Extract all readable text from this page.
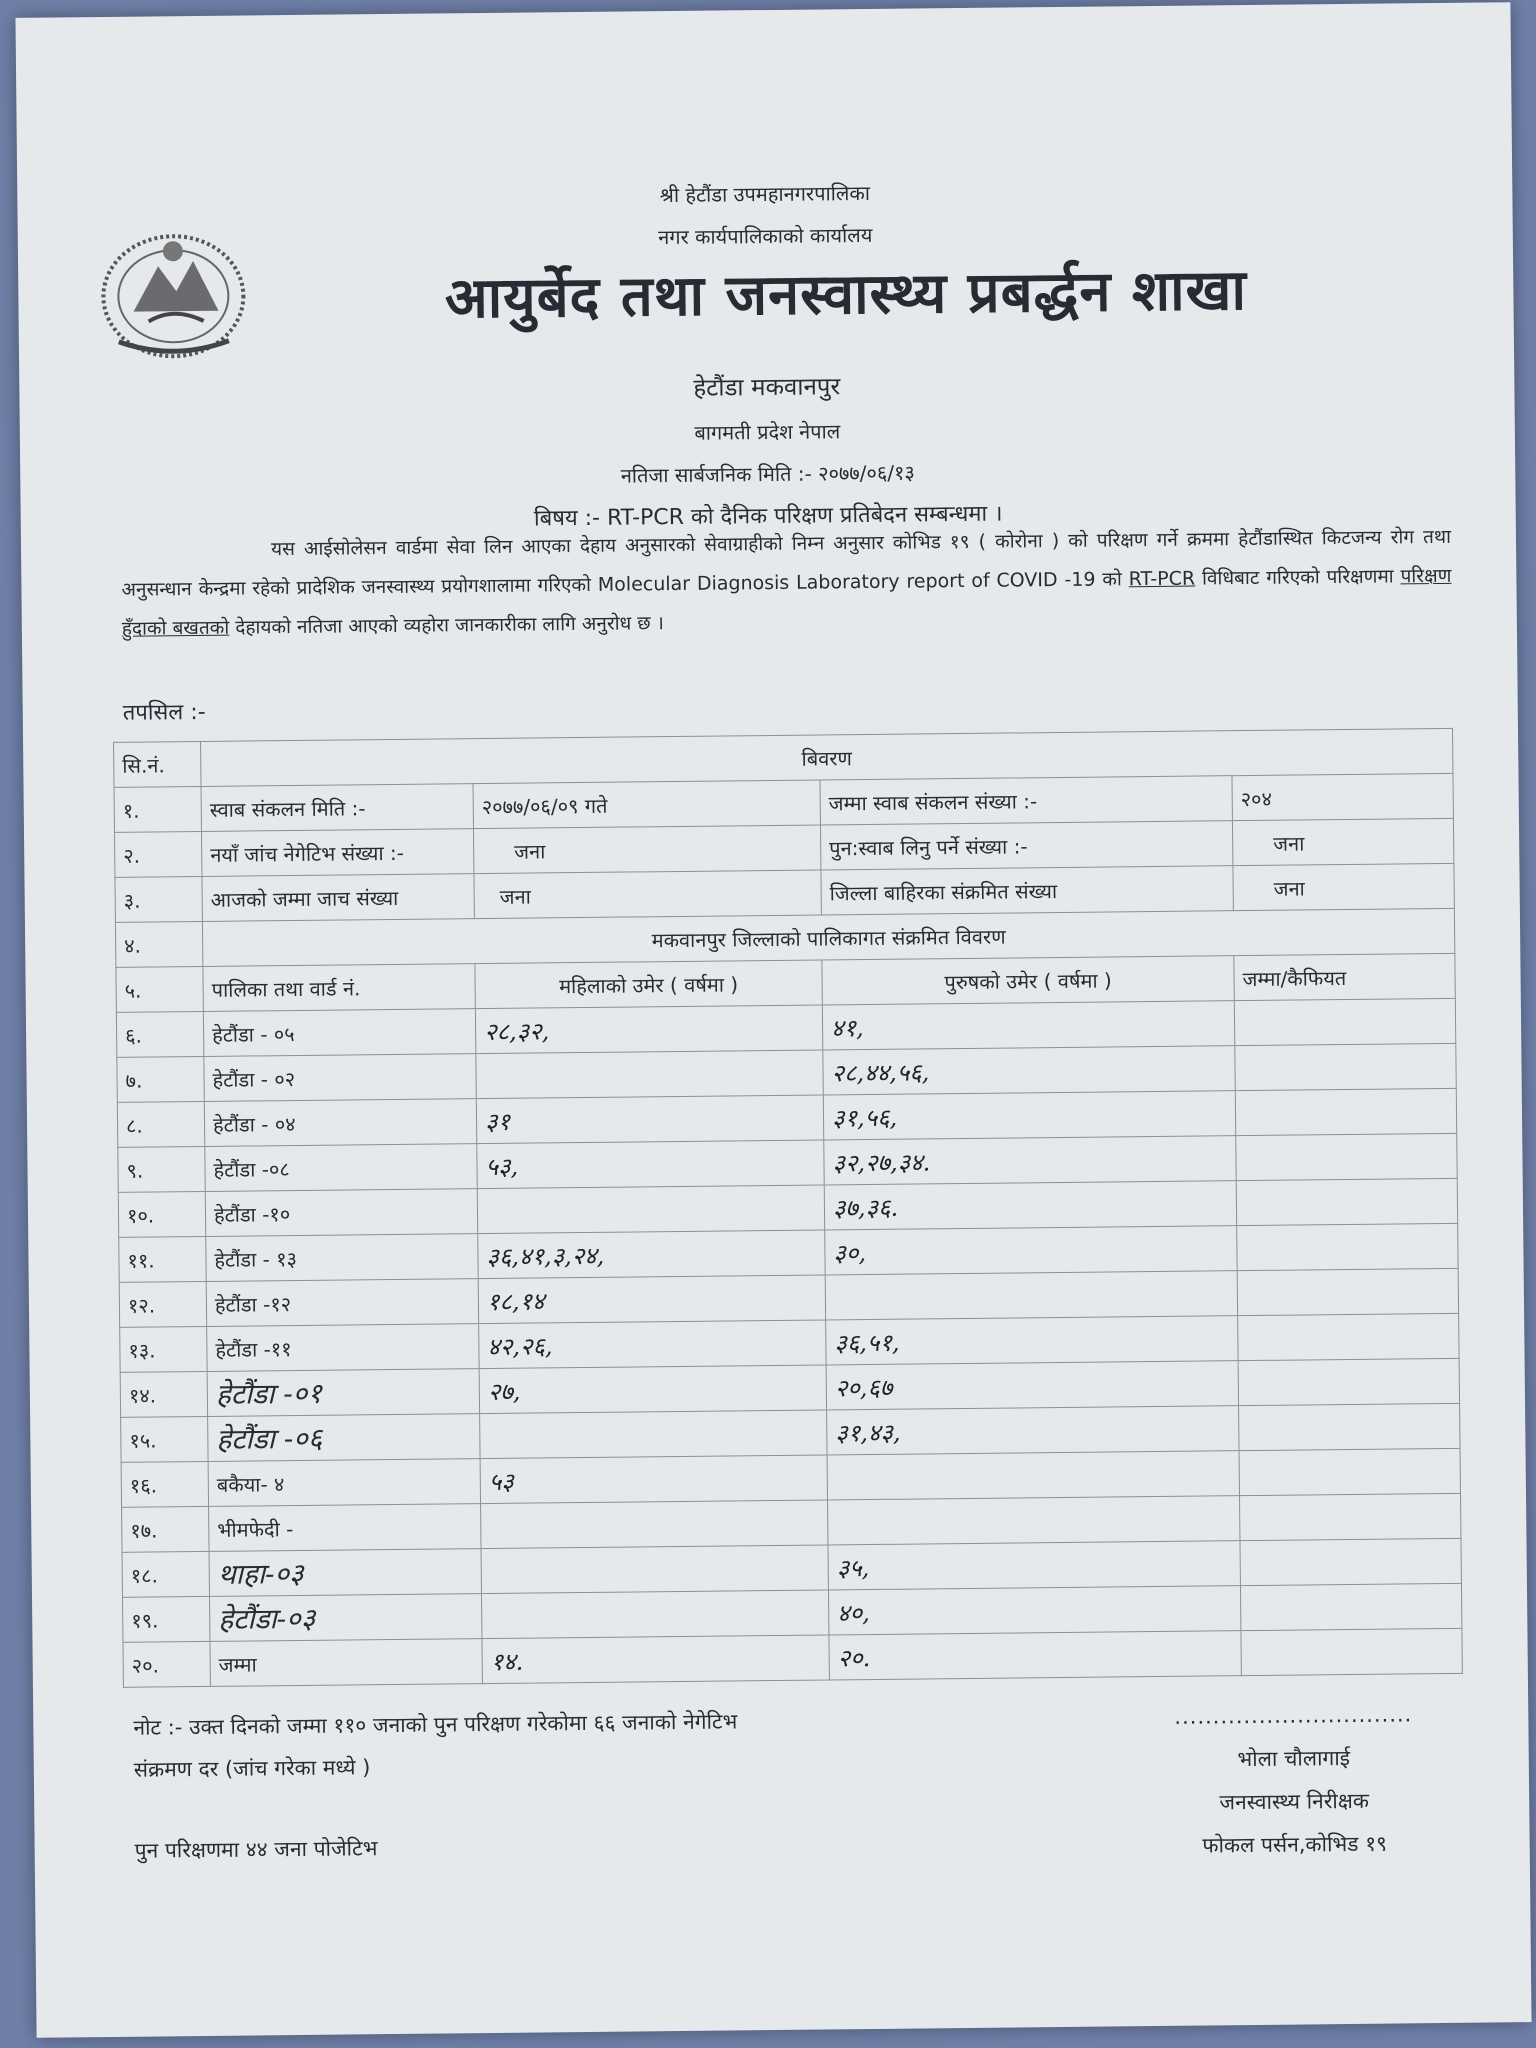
श्री हेटौंडा उपमहानगरपालिका
नगर कार्यपालिकाको कार्यालय
आयुर्बेद तथा जनस्वास्थ्य प्रबर्द्धन शाखा
हेटौंडा मकवानपुर
बागमती प्रदेश नेपाल
नतिजा सार्बजनिक मिति :- २०७७/०६/१३
बिषय :- RT-PCR को दैनिक परिक्षण प्रतिबेदन सम्बन्धमा ।
यस आईसोलेसन वार्डमा सेवा लिन आएका देहाय अनुसारको सेवाग्राहीको निम्न अनुसार कोभिड १९ ( कोरोना ) को परिक्षण गर्ने क्रममा हेटौंडास्थित किटजन्य रोग तथा अनुसन्धान केन्द्रमा रहेको प्रादेशिक जनस्वास्थ्य प्रयोगशालामा गरिएको Molecular Diagnosis Laboratory report of COVID -19 को RT-PCR विधिबाट गरिएको परिक्षणमा परिक्षण हुँदाको बखतको देहायको नतिजा आएको व्यहोरा जानकारीका लागि अनुरोध छ ।
तपसिल :-
सि.नं.	बिवरण			
१.	स्वाब संकलन मिति :-	२०७७/०६/०९ गते	जम्मा स्वाब संकलन संख्या :-	२०४
२.	नयाँ जांच नेगेटिभ संख्या :-	जना	पुन:स्वाब लिनु पर्ने संख्या :-	जना
३.	आजको जम्मा जाच संख्या	जना	जिल्ला बाहिरका संक्रमित संख्या	जना
४.	मकवानपुर जिल्लाको पालिकागत संक्रमित विवरण			
५.	पालिका तथा वार्ड नं.	महिलाको उमेर ( वर्षमा )	पुरुषको उमेर ( वर्षमा )	जम्मा/कैफियत
६.	हेटौंडा - ०५	२८,३२,	४१,	
७.	हेटौंडा - ०२		२८,४४,५६,	
८.	हेटौंडा - ०४	३१	३१,५६,	
९.	हेटौंडा -०८	५३,	३२,२७,३४.	
१०.	हेटौंडा -१०		३७,३६.	
११.	हेटौंडा - १३	३६,४१,३,२४,	३०,	
१२.	हेटौंडा -१२	१८,१४		
१३.	हेटौंडा -११	४२,२६,	३६,५१,	
१४.	हेटौंडा -०१	२७,	२०,६७	
१५.	हेटौंडा -०६		३१,४३,	
१६.	बकैया- ४	५३		
१७.	भीमफेदी -			
१८.	थाहा-०३		३५,	
१९.	हेटौंडा-०३		४०,	
२०.	जम्मा	१४.	२०.	
नोट :- उक्त दिनको जम्मा ११० जनाको पुन परिक्षण गरेकोमा ६६ जनाको नेगेटिभ
संक्रमण दर (जांच गरेका मध्ये )
पुन परिक्षणमा ४४ जना पोजेटिभ
...............................
भोला चौलागाई
जनस्वास्थ्य निरीक्षक
फोकल पर्सन,कोभिड १९
